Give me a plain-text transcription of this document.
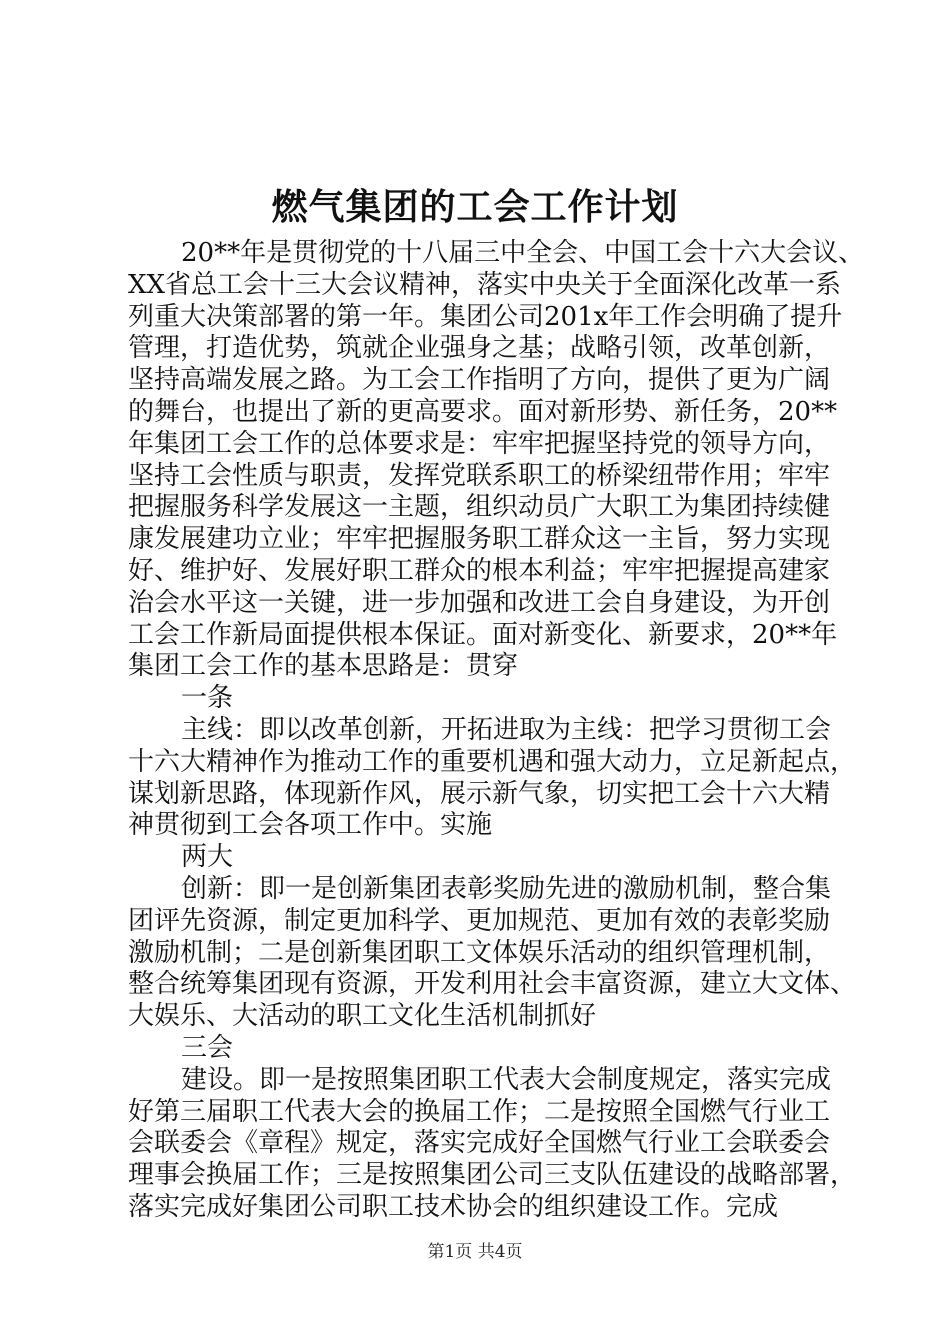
燃气集团的工会工作计划
20**年是贯彻党的十八届三中全会、中国工会十六大会议、
XX省总工会十三大会议精神，落实中央关于全面深化改革一系
列重大决策部署的第一年。集团公司201x年工作会明确了提升
管理，打造优势，筑就企业强身之基；战略引领，改革创新，
坚持高端发展之路。为工会工作指明了方向，提供了更为广阔
的舞台，也提出了新的更高要求。面对新形势、新任务，20**
年集团工会工作的总体要求是：牢牢把握坚持党的领导方向，
坚持工会性质与职责，发挥党联系职工的桥梁纽带作用；牢牢
把握服务科学发展这一主题，组织动员广大职工为集团持续健
康发展建功立业；牢牢把握服务职工群众这一主旨，努力实现
好、维护好、发展好职工群众的根本利益；牢牢把握提高建家
治会水平这一关键，进一步加强和改进工会自身建设，为开创
工会工作新局面提供根本保证。面对新变化、新要求，20**年
集团工会工作的基本思路是：贯穿
一条
主线：即以改革创新，开拓进取为主线：把学习贯彻工会
十六大精神作为推动工作的重要机遇和强大动力，立足新起点，
谋划新思路，体现新作风，展示新气象，切实把工会十六大精
神贯彻到工会各项工作中。实施
两大
创新：即一是创新集团表彰奖励先进的激励机制，整合集
团评先资源，制定更加科学、更加规范、更加有效的表彰奖励
激励机制；二是创新集团职工文体娱乐活动的组织管理机制，
整合统筹集团现有资源，开发利用社会丰富资源，建立大文体、
大娱乐、大活动的职工文化生活机制抓好
三会
建设。即一是按照集团职工代表大会制度规定，落实完成
好第三届职工代表大会的换届工作；二是按照全国燃气行业工
会联委会《章程》规定，落实完成好全国燃气行业工会联委会
理事会换届工作；三是按照集团公司三支队伍建设的战略部署，
落实完成好集团公司职工技术协会的组织建设工作。完成
第1页 共4页
